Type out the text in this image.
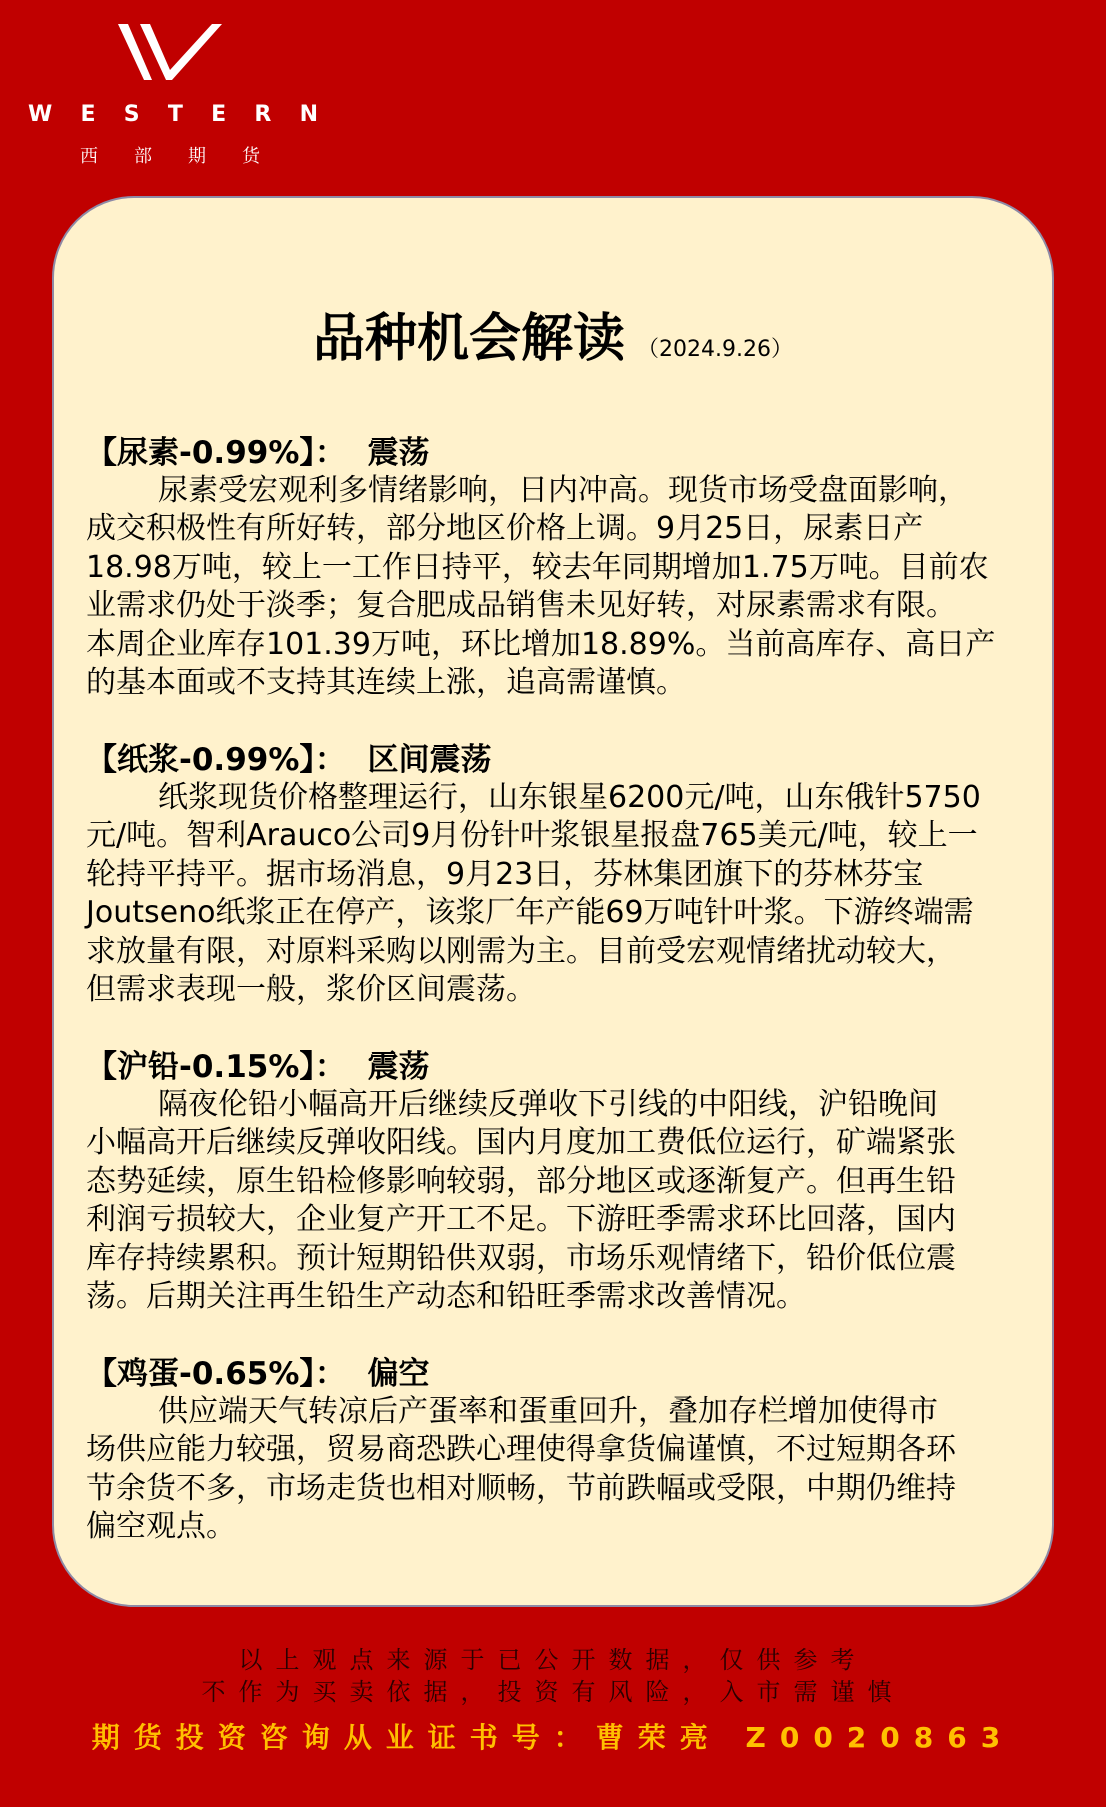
W E S T E R N
西 部 期 货
品种机会解读 （2024.9.26）
【尿素-0.99%】：  震荡
尿素受宏观利多情绪影响，日内冲高。现货市场受盘面影响，
成交积极性有所好转，部分地区价格上调。9月25日，尿素日产
18.98万吨，较上一工作日持平，较去年同期增加1.75万吨。目前农
业需求仍处于淡季；复合肥成品销售未见好转，对尿素需求有限。
本周企业库存101.39万吨，环比增加18.89%。当前高库存、高日产
的基本面或不支持其连续上涨，追高需谨慎。
【纸浆-0.99%】：  区间震荡
纸浆现货价格整理运行，山东银星6200元/吨，山东俄针5750
元/吨。智利Arauco公司9月份针叶浆银星报盘765美元/吨，较上一
轮持平持平。据市场消息，9月23日，芬林集团旗下的芬林芬宝
Joutseno纸浆正在停产，该浆厂年产能69万吨针叶浆。下游终端需
求放量有限，对原料采购以刚需为主。目前受宏观情绪扰动较大，
但需求表现一般，浆价区间震荡。
【沪铅-0.15%】：  震荡
隔夜伦铅小幅高开后继续反弹收下引线的中阳线，沪铅晚间
小幅高开后继续反弹收阳线。国内月度加工费低位运行，矿端紧张
态势延续，原生铅检修影响较弱，部分地区或逐渐复产。但再生铅
利润亏损较大，企业复产开工不足。下游旺季需求环比回落，国内
库存持续累积。预计短期铅供双弱，市场乐观情绪下，铅价低位震
荡。后期关注再生铅生产动态和铅旺季需求改善情况。
【鸡蛋-0.65%】：  偏空
供应端天气转凉后产蛋率和蛋重回升，叠加存栏增加使得市
场供应能力较强，贸易商恐跌心理使得拿货偏谨慎，不过短期各环
节余货不多，市场走货也相对顺畅，节前跌幅或受限，中期仍维持
偏空观点。
以上观点来源于已公开数据，仅供参考
不作为买卖依据，投资有风险，入市需谨慎
期货投资咨询从业证书号：曹荣亮 Z0020863
